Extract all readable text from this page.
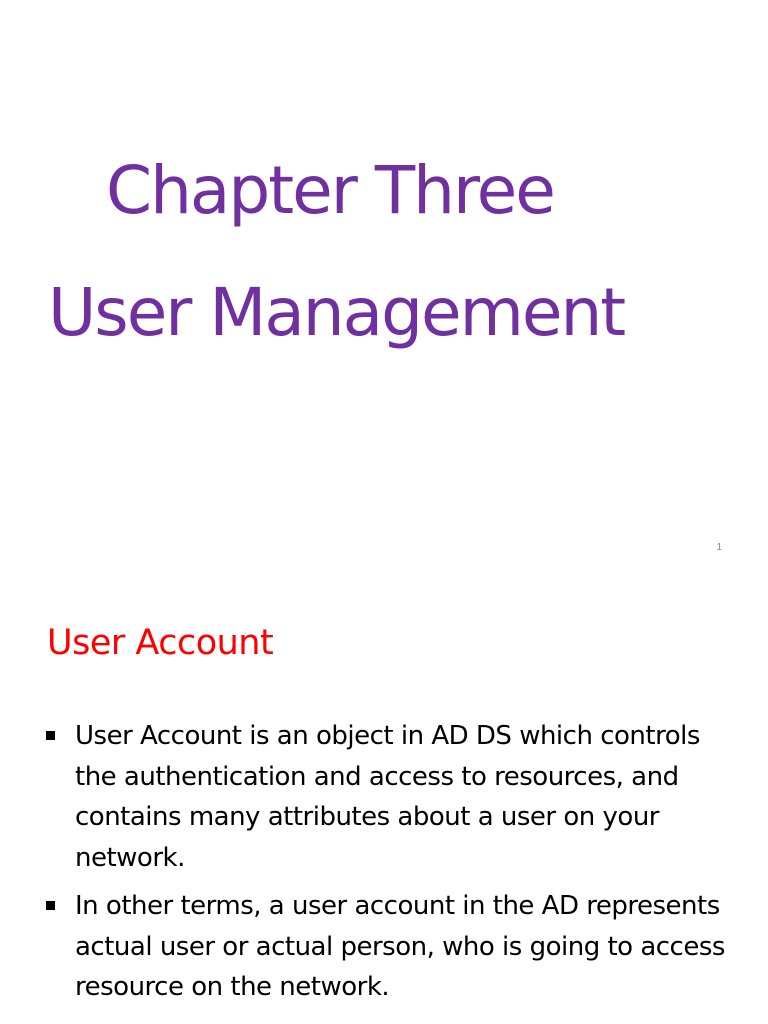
Chapter Three
User Management
1
User Account
User Account is an object in AD DS which controls the authentication and access to resources, and contains many attributes about a user on your network.
In other terms, a user account in the AD represents actual user or actual person, who is going to access resource on the network.
